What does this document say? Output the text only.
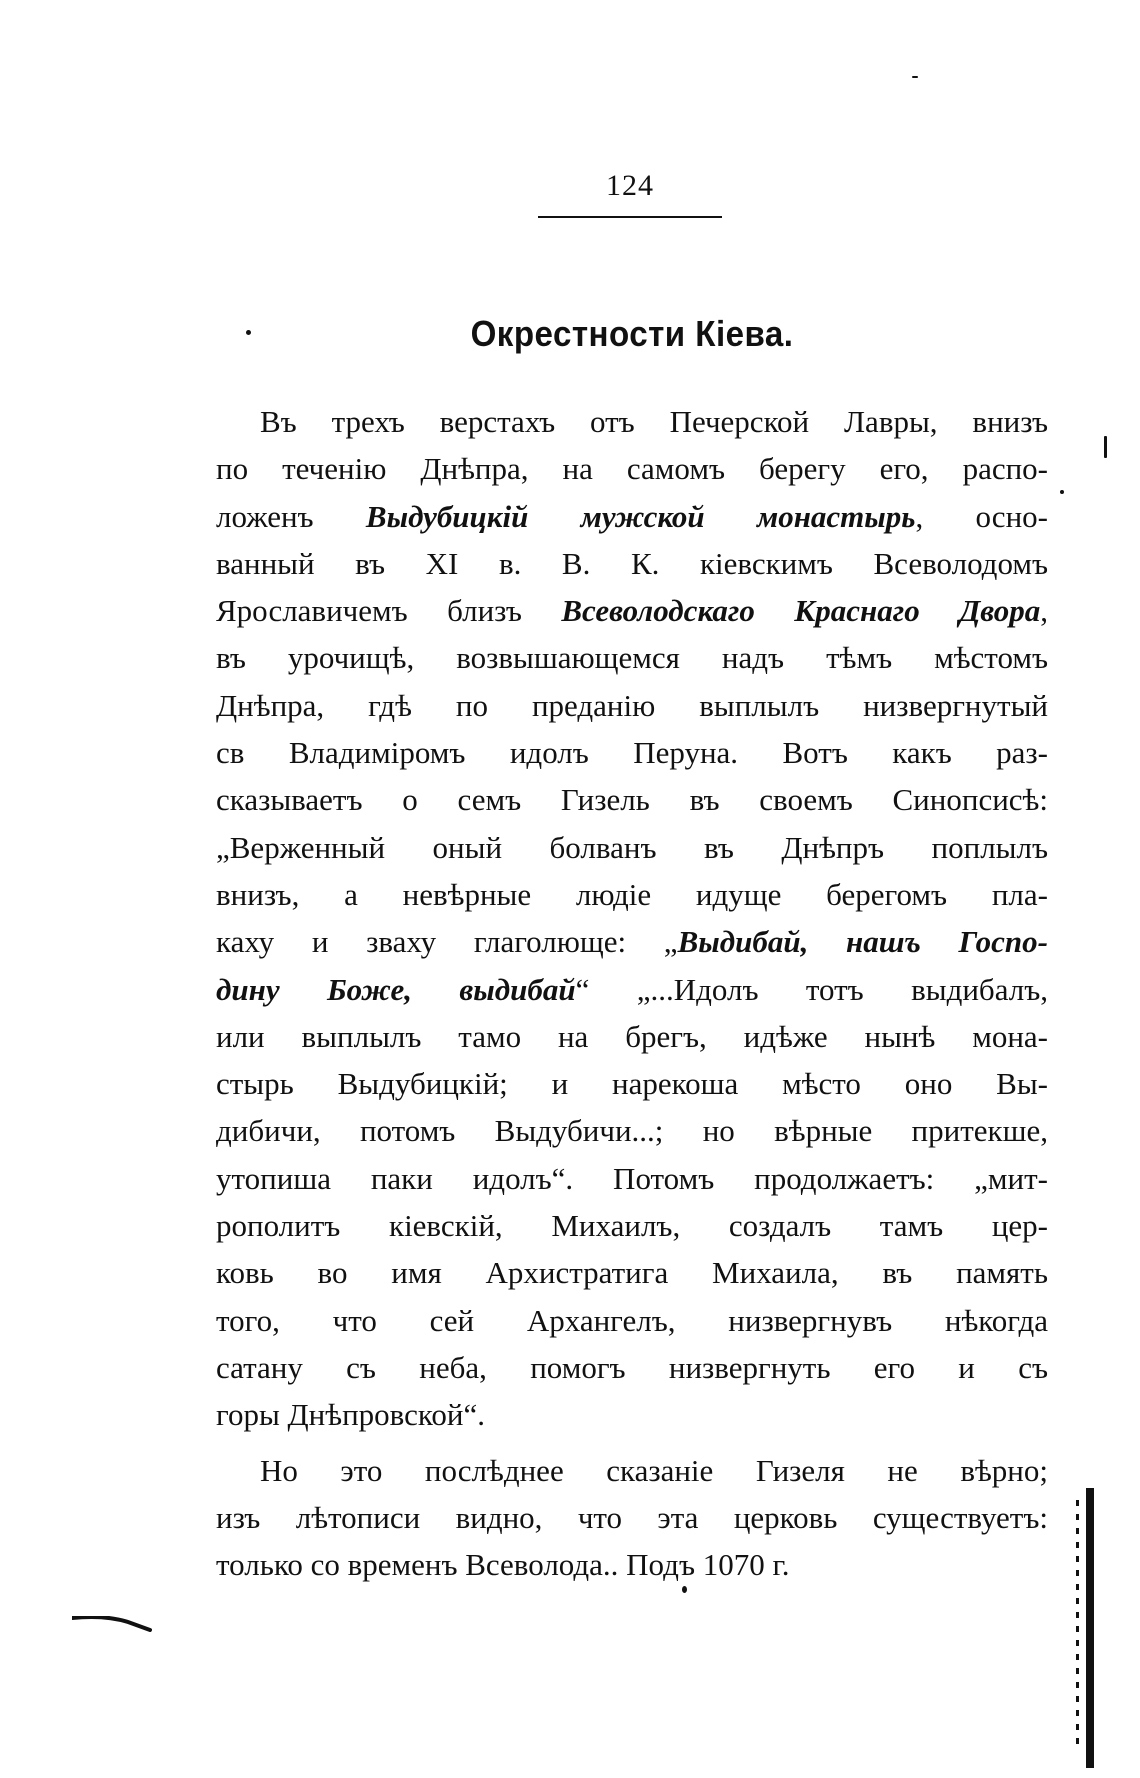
124
Окрестности Кіева.
Въ трехъ верстахъ отъ Печерской Лавры, внизъ
по теченію Днѣпра, на самомъ берегу его, распо-
ложенъ Выдубицкій мужской монастырь, осно-
ванный въ XI в. В. К. кіевскимъ Всеволодомъ
Ярославичемъ близъ Всеволодскаго Краснаго Двора,
въ урочищѣ, возвышающемся надъ тѣмъ мѣстомъ
Днѣпра, гдѣ по преданію выплылъ низвергнутый
св Владиміромъ идолъ Перуна. Вотъ какъ раз-
сказываетъ о семъ Гизель въ своемъ Синопсисѣ:
„Верженный оный болванъ въ Днѣпръ поплылъ
внизъ, а невѣрные людіе идуще берегомъ пла-
каху и зваху глаголюще: „Выдибай, нашъ Госпо-
дину Боже, выдибай“ „...Идолъ тотъ выдибалъ,
или выплылъ тамо на брегъ, идѣже нынѣ мона-
стырь Выдубицкій; и нарекоша мѣсто оно Вы-
дибичи, потомъ Выдубичи...; но вѣрные притекше,
утопиша паки идолъ“. Потомъ продолжаетъ: „мит-
рополитъ кіевскій, Михаилъ, создалъ тамъ цер-
ковь во имя Архистратига Михаила, въ память
того, что сей Архангелъ, низвергнувъ нѣкогда
сатану съ неба, помогъ низвергнуть его и съ
горы Днѣпровской“.
Но это послѣднее сказаніе Гизеля не вѣрно;
изъ лѣтописи видно, что эта церковь существуетъ:
только со временъ Всеволода.. Подъ 1070 г.
